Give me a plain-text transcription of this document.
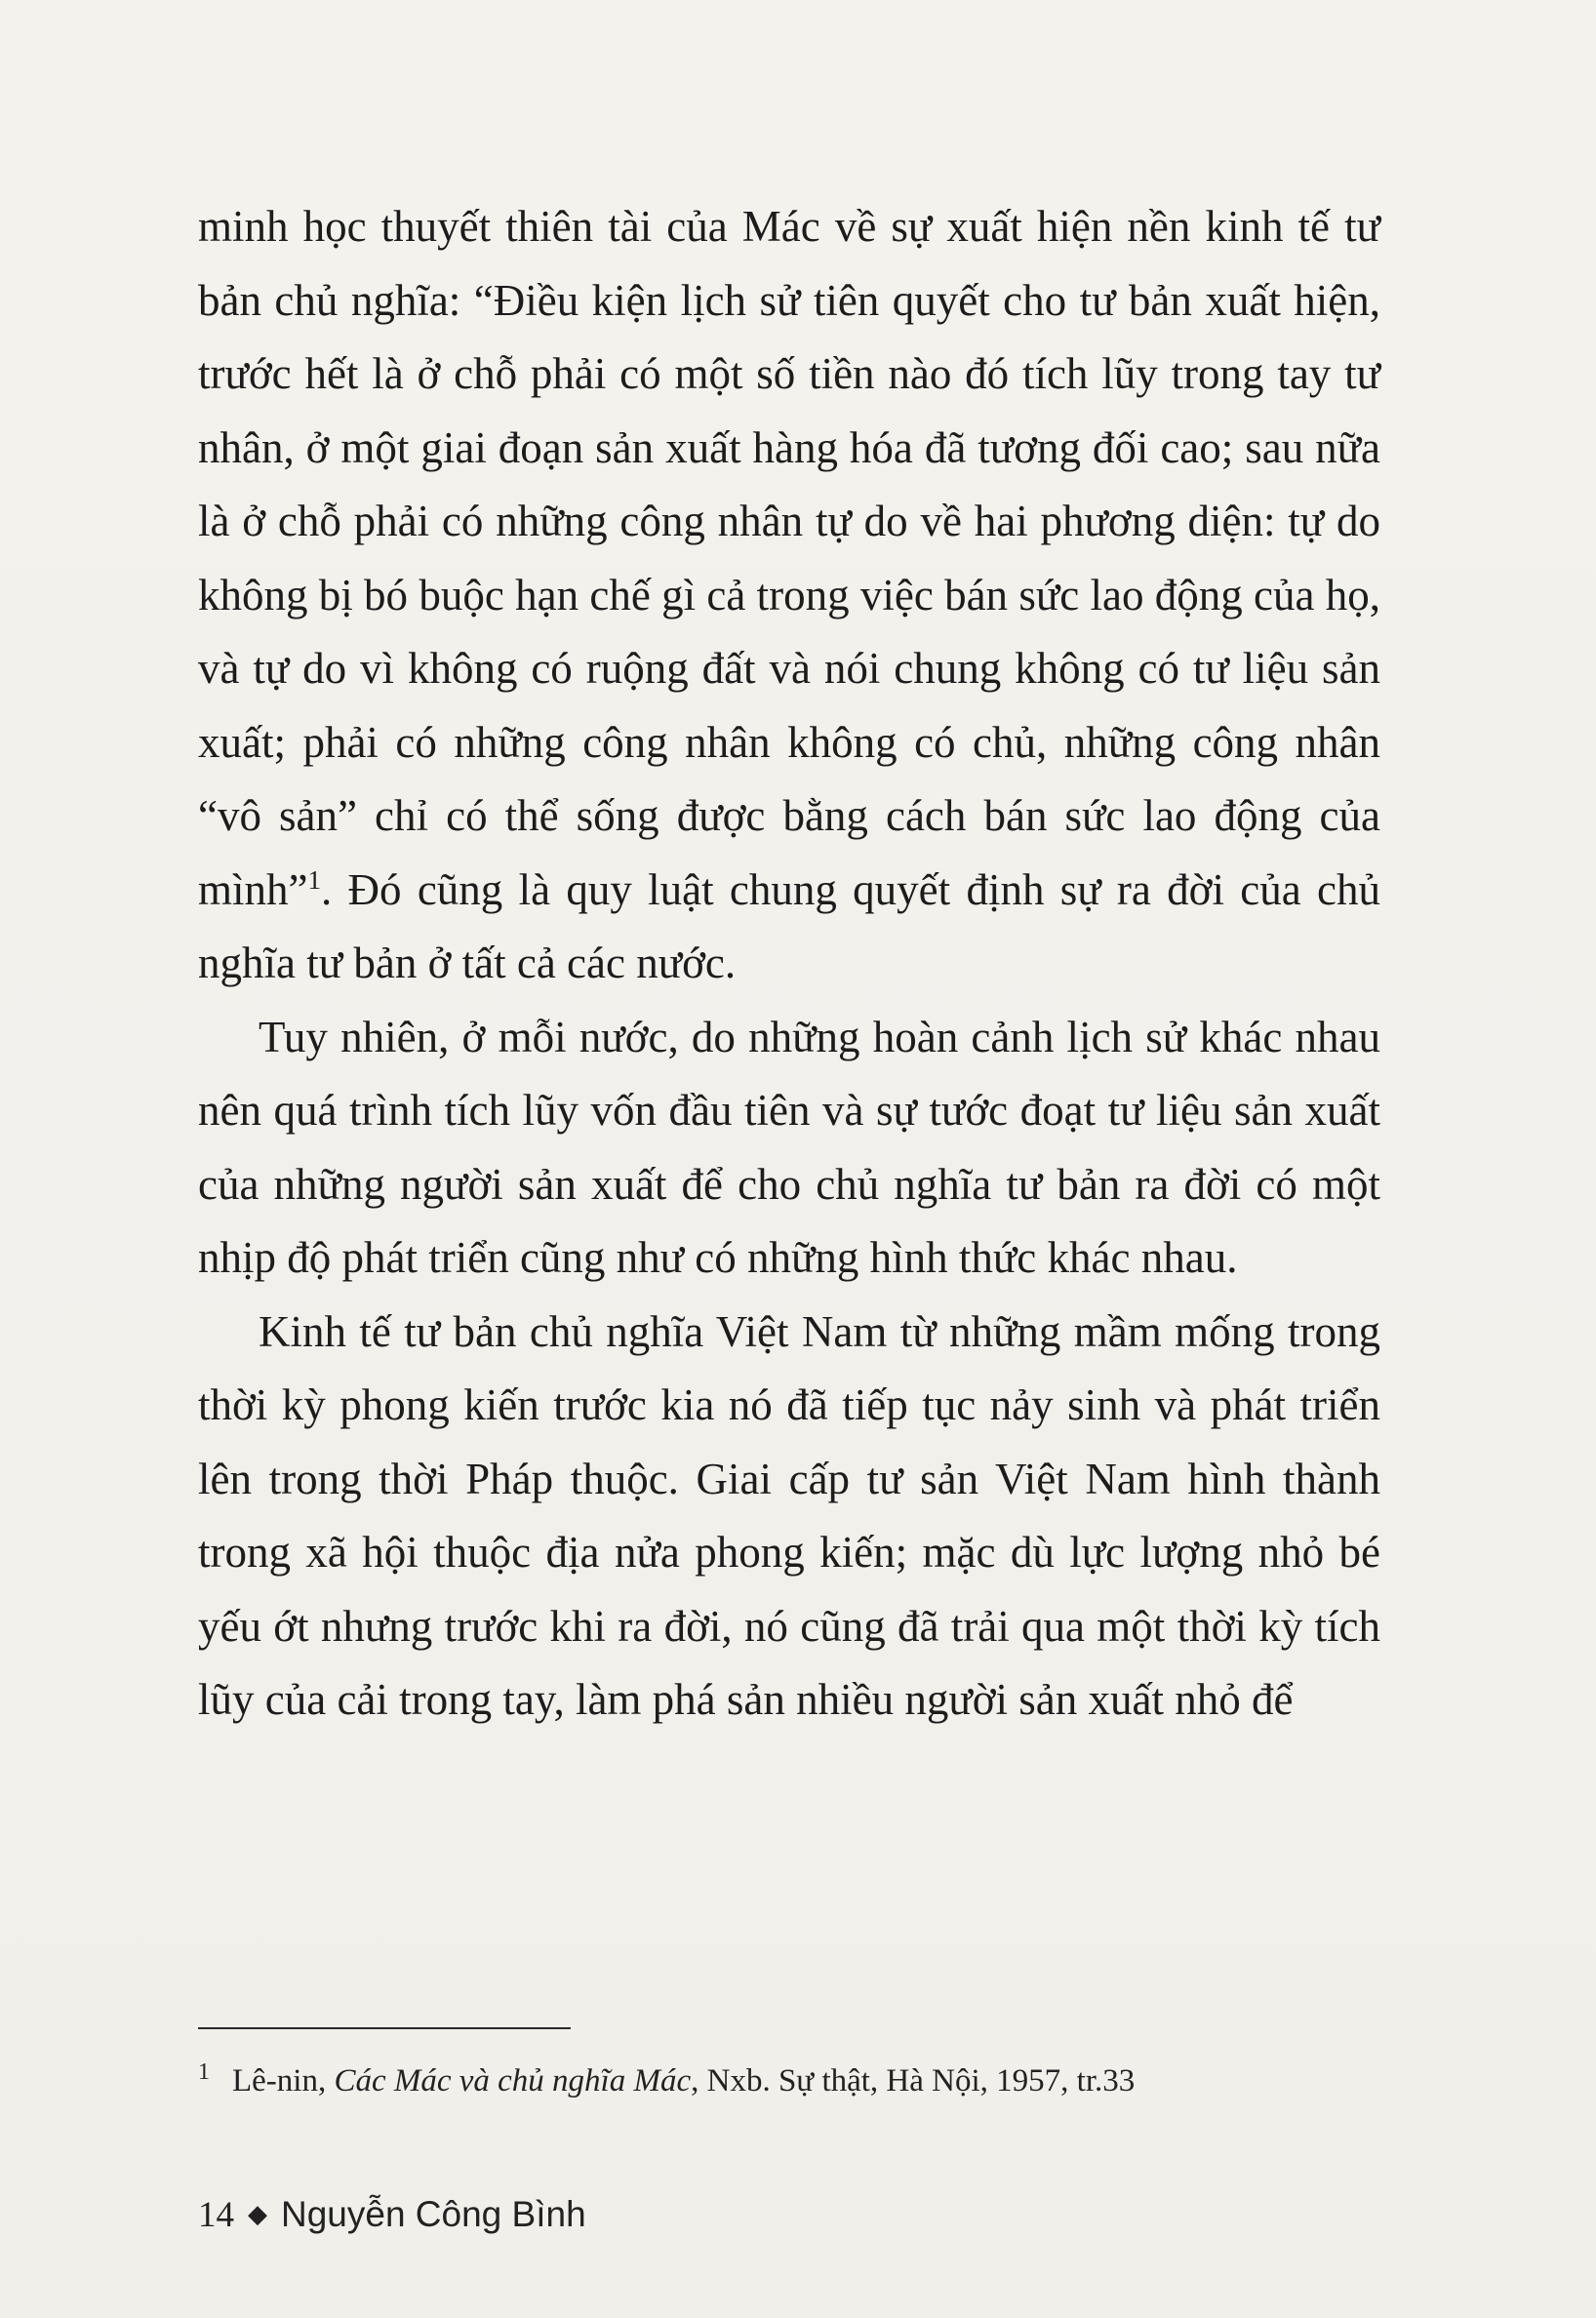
minh học thuyết thiên tài của Mác về sự xuất hiện nền kinh tế tư bản chủ nghĩa: “Điều kiện lịch sử tiên quyết cho tư bản xuất hiện, trước hết là ở chỗ phải có một số tiền nào đó tích lũy trong tay tư nhân, ở một giai đoạn sản xuất hàng hóa đã tương đối cao; sau nữa là ở chỗ phải có những công nhân tự do về hai phương diện: tự do không bị bó buộc hạn chế gì cả trong việc bán sức lao động của họ, và tự do vì không có ruộng đất và nói chung không có tư liệu sản xuất; phải có những công nhân không có chủ, những công nhân “vô sản” chỉ có thể sống được bằng cách bán sức lao động của mình”$^1$. Đó cũng là quy luật chung quyết định sự ra đời của chủ nghĩa tư bản ở tất cả các nước.

Tuy nhiên, ở mỗi nước, do những hoàn cảnh lịch sử khác nhau nên quá trình tích lũy vốn đầu tiên và sự tước đoạt tư liệu sản xuất của những người sản xuất để cho chủ nghĩa tư bản ra đời có một nhịp độ phát triển cũng như có những hình thức khác nhau.

Kinh tế tư bản chủ nghĩa Việt Nam từ những mầm mống trong thời kỳ phong kiến trước kia nó đã tiếp tục nảy sinh và phát triển lên trong thời Pháp thuộc. Giai cấp tư sản Việt Nam hình thành trong xã hội thuộc địa nửa phong kiến; mặc dù lực lượng nhỏ bé yếu ớt nhưng trước khi ra đời, nó cũng đã trải qua một thời kỳ tích lũy của cải trong tay, làm phá sản nhiều người sản xuất nhỏ để

1 Lê-nin, Các Mác và chủ nghĩa Mác, Nxb. Sự thật, Hà Nội, 1957, tr.33
14 ◆ Nguyễn Công Bình
